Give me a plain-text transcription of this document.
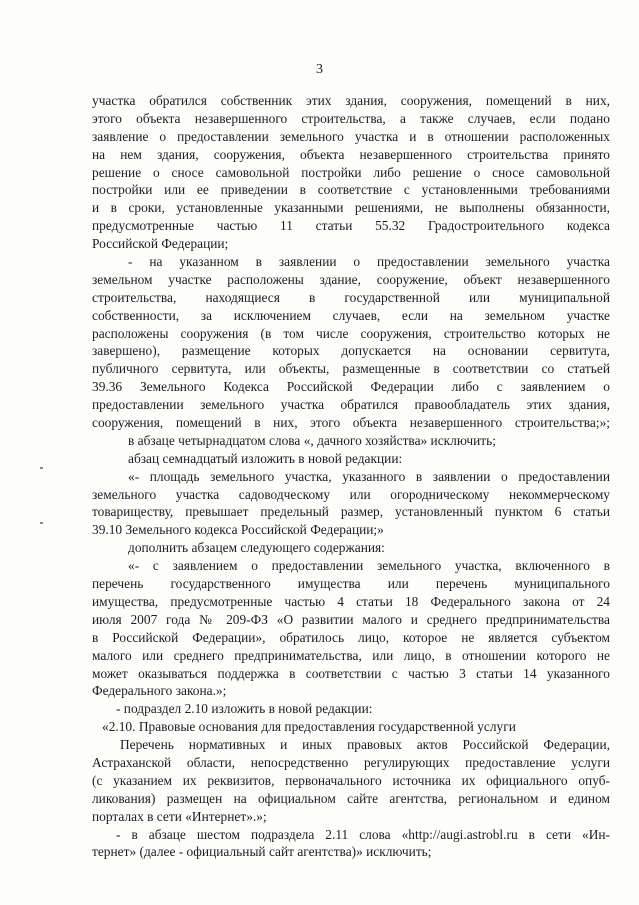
3
участка обратился собственник этих здания, сооружения, помещений в них,
этого объекта незавершенного строительства, а также случаев, если подано
заявление о предоставлении земельного участка и в отношении расположенных
на нем здания, сооружения, объекта незавершенного строительства принято
решение о сносе самовольной постройки либо решение о сносе самовольной
постройки или ее приведении в соответствие с установленными требованиями
и в сроки, установленные указанными решениями, не выполнены обязанности,
предусмотренные частью 11 статьи 55.32 Градостроительного кодекса
Российской Федерации;
- на указанном в заявлении о предоставлении земельного участка
земельном участке расположены здание, сооружение, объект незавершенного
строительства, находящиеся в государственной или муниципальной
собственности, за исключением случаев, если на земельном участке
расположены сооружения (в том числе сооружения, строительство которых не
завершено), размещение которых допускается на основании сервитута,
публичного сервитута, или объекты, размещенные в соответствии со статьей
39.36 Земельного Кодекса Российской Федерации либо с заявлением о
предоставлении земельного участка обратился правообладатель этих здания,
сооружения, помещений в них, этого объекта незавершенного строительства;»;
в абзаце четырнадцатом слова «, дачного хозяйства» исключить;
абзац семнадцатый изложить в новой редакции:
«- площадь земельного участка, указанного в заявлении о предоставлении
земельного участка садоводческому или огородническому некоммерческому
товариществу, превышает предельный размер, установленный пунктом 6 статьи
39.10 Земельного кодекса Российской Федерации;»
дополнить абзацем следующего содержания:
«- с заявлением о предоставлении земельного участка, включенного в
перечень государственного имущества или перечень муниципального
имущества, предусмотренные частью 4 статьи 18 Федерального закона от 24
июля 2007 года № 209-ФЗ «О развитии малого и среднего предпринимательства
в Российской Федерации», обратилось лицо, которое не является субъектом
малого или среднего предпринимательства, или лицо, в отношении которого не
может оказываться поддержка в соответствии с частью 3 статьи 14 указанного
Федерального закона.»;
- подраздел 2.10 изложить в новой редакции:
«2.10. Правовые основания для предоставления государственной услуги
Перечень нормативных и иных правовых актов Российской Федерации,
Астраханской области, непосредственно регулирующих предоставление услуги
(с указанием их реквизитов, первоначального источника их официального опуб-
ликования) размещен на официальном сайте агентства, региональном и едином
порталах в сети «Интернет».»;
- в абзаце шестом подраздела 2.11 слова «http://augi.astrobl.ru в сети «Ин-
тернет» (далее - официальный сайт агентства)» исключить;
